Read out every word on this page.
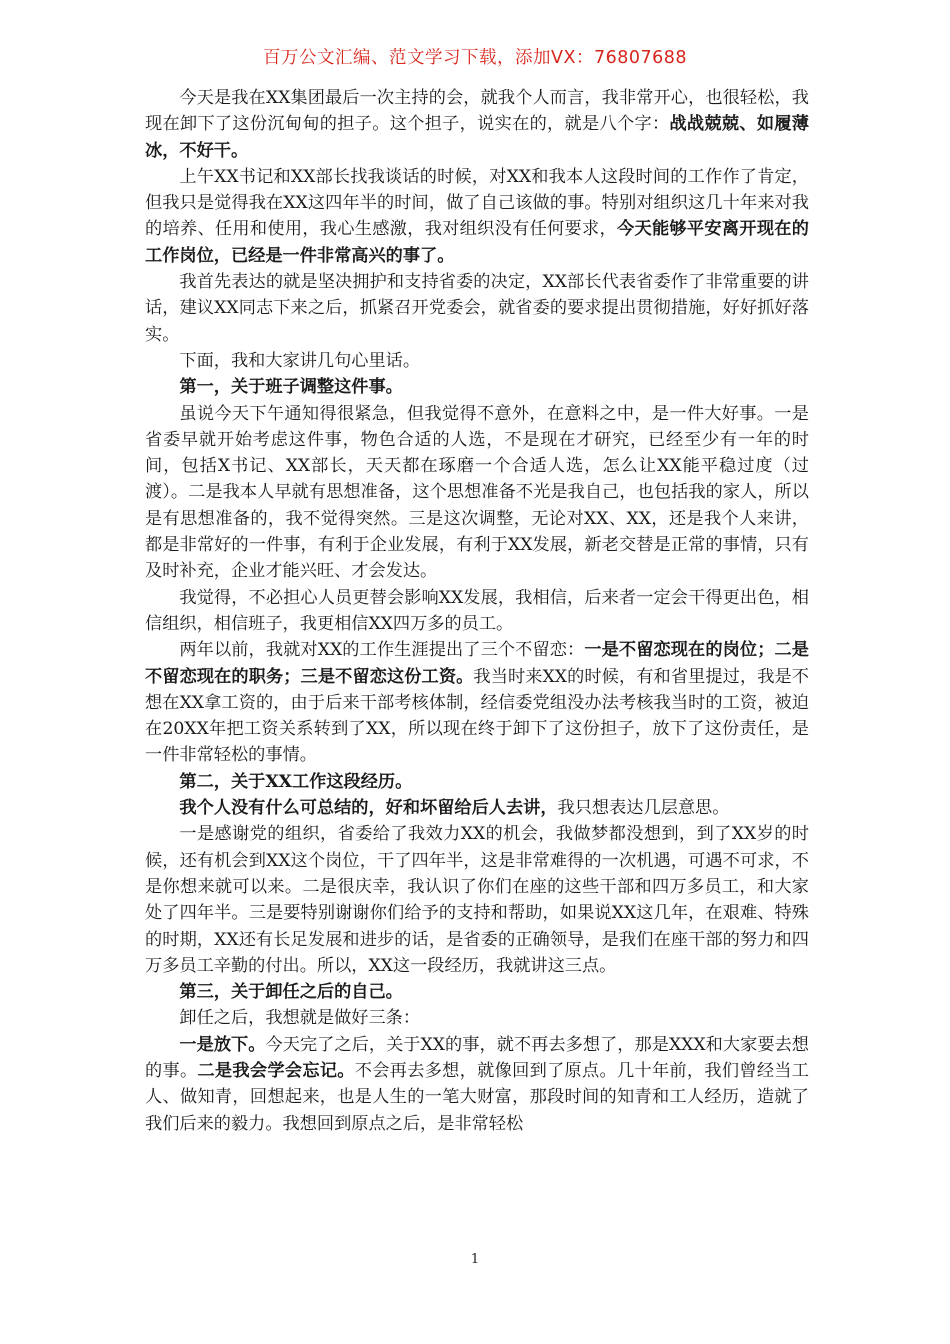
百万公文汇编、范文学习下载，添加VX：76807688

今天是我在XX集团最后一次主持的会，就我个人而言，我非常开心，也很轻松，我现在卸下了这份沉甸甸的担子。这个担子，说实在的，就是八个字：战战兢兢、如履薄冰，不好干。

上午XX书记和XX部长找我谈话的时候，对XX和我本人这段时间的工作作了肯定，但我只是觉得我在XX这四年半的时间，做了自己该做的事。特别对组织这几十年来对我的培养、任用和使用，我心生感激，我对组织没有任何要求，今天能够平安离开现在的工作岗位，已经是一件非常高兴的事了。

我首先表达的就是坚决拥护和支持省委的决定，XX部长代表省委作了非常重要的讲话，建议XX同志下来之后，抓紧召开党委会，就省委的要求提出贯彻措施，好好抓好落实。

下面，我和大家讲几句心里话。

第一，关于班子调整这件事。

虽说今天下午通知得很紧急，但我觉得不意外，在意料之中，是一件大好事。一是省委早就开始考虑这件事，物色合适的人选，不是现在才研究，已经至少有一年的时间，包括X书记、XX部长，天天都在琢磨一个合适人选，怎么让XX能平稳过度（过渡）。二是我本人早就有思想准备，这个思想准备不光是我自己，也包括我的家人，所以是有思想准备的，我不觉得突然。三是这次调整，无论对XX、XX，还是我个人来讲，都是非常好的一件事，有利于企业发展，有利于XX发展，新老交替是正常的事情，只有及时补充，企业才能兴旺、才会发达。

我觉得，不必担心人员更替会影响XX发展，我相信，后来者一定会干得更出色，相信组织，相信班子，我更相信XX四万多的员工。

两年以前，我就对XX的工作生涯提出了三个不留恋：一是不留恋现在的岗位；二是不留恋现在的职务；三是不留恋这份工资。我当时来XX的时候，有和省里提过，我是不想在XX拿工资的，由于后来干部考核体制，经信委党组没办法考核我当时的工资，被迫在20XX年把工资关系转到了XX，所以现在终于卸下了这份担子，放下了这份责任，是一件非常轻松的事情。

第二，关于XX工作这段经历。

我个人没有什么可总结的，好和坏留给后人去讲，我只想表达几层意思。

一是感谢党的组织，省委给了我效力XX的机会，我做梦都没想到，到了XX岁的时候，还有机会到XX这个岗位，干了四年半，这是非常难得的一次机遇，可遇不可求，不是你想来就可以来。二是很庆幸，我认识了你们在座的这些干部和四万多员工，和大家处了四年半。三是要特别谢谢你们给予的支持和帮助，如果说XX这几年，在艰难、特殊的时期，XX还有长足发展和进步的话，是省委的正确领导，是我们在座干部的努力和四万多员工辛勤的付出。所以，XX这一段经历，我就讲这三点。

第三，关于卸任之后的自己。

卸任之后，我想就是做好三条：

一是放下。今天完了之后，关于XX的事，就不再去多想了，那是XXX和大家要去想的事。二是我会学会忘记。不会再去多想，就像回到了原点。几十年前，我们曾经当工人、做知青，回想起来，也是人生的一笔大财富，那段时间的知青和工人经历，造就了我们后来的毅力。我想回到原点之后，是非常轻松

1
